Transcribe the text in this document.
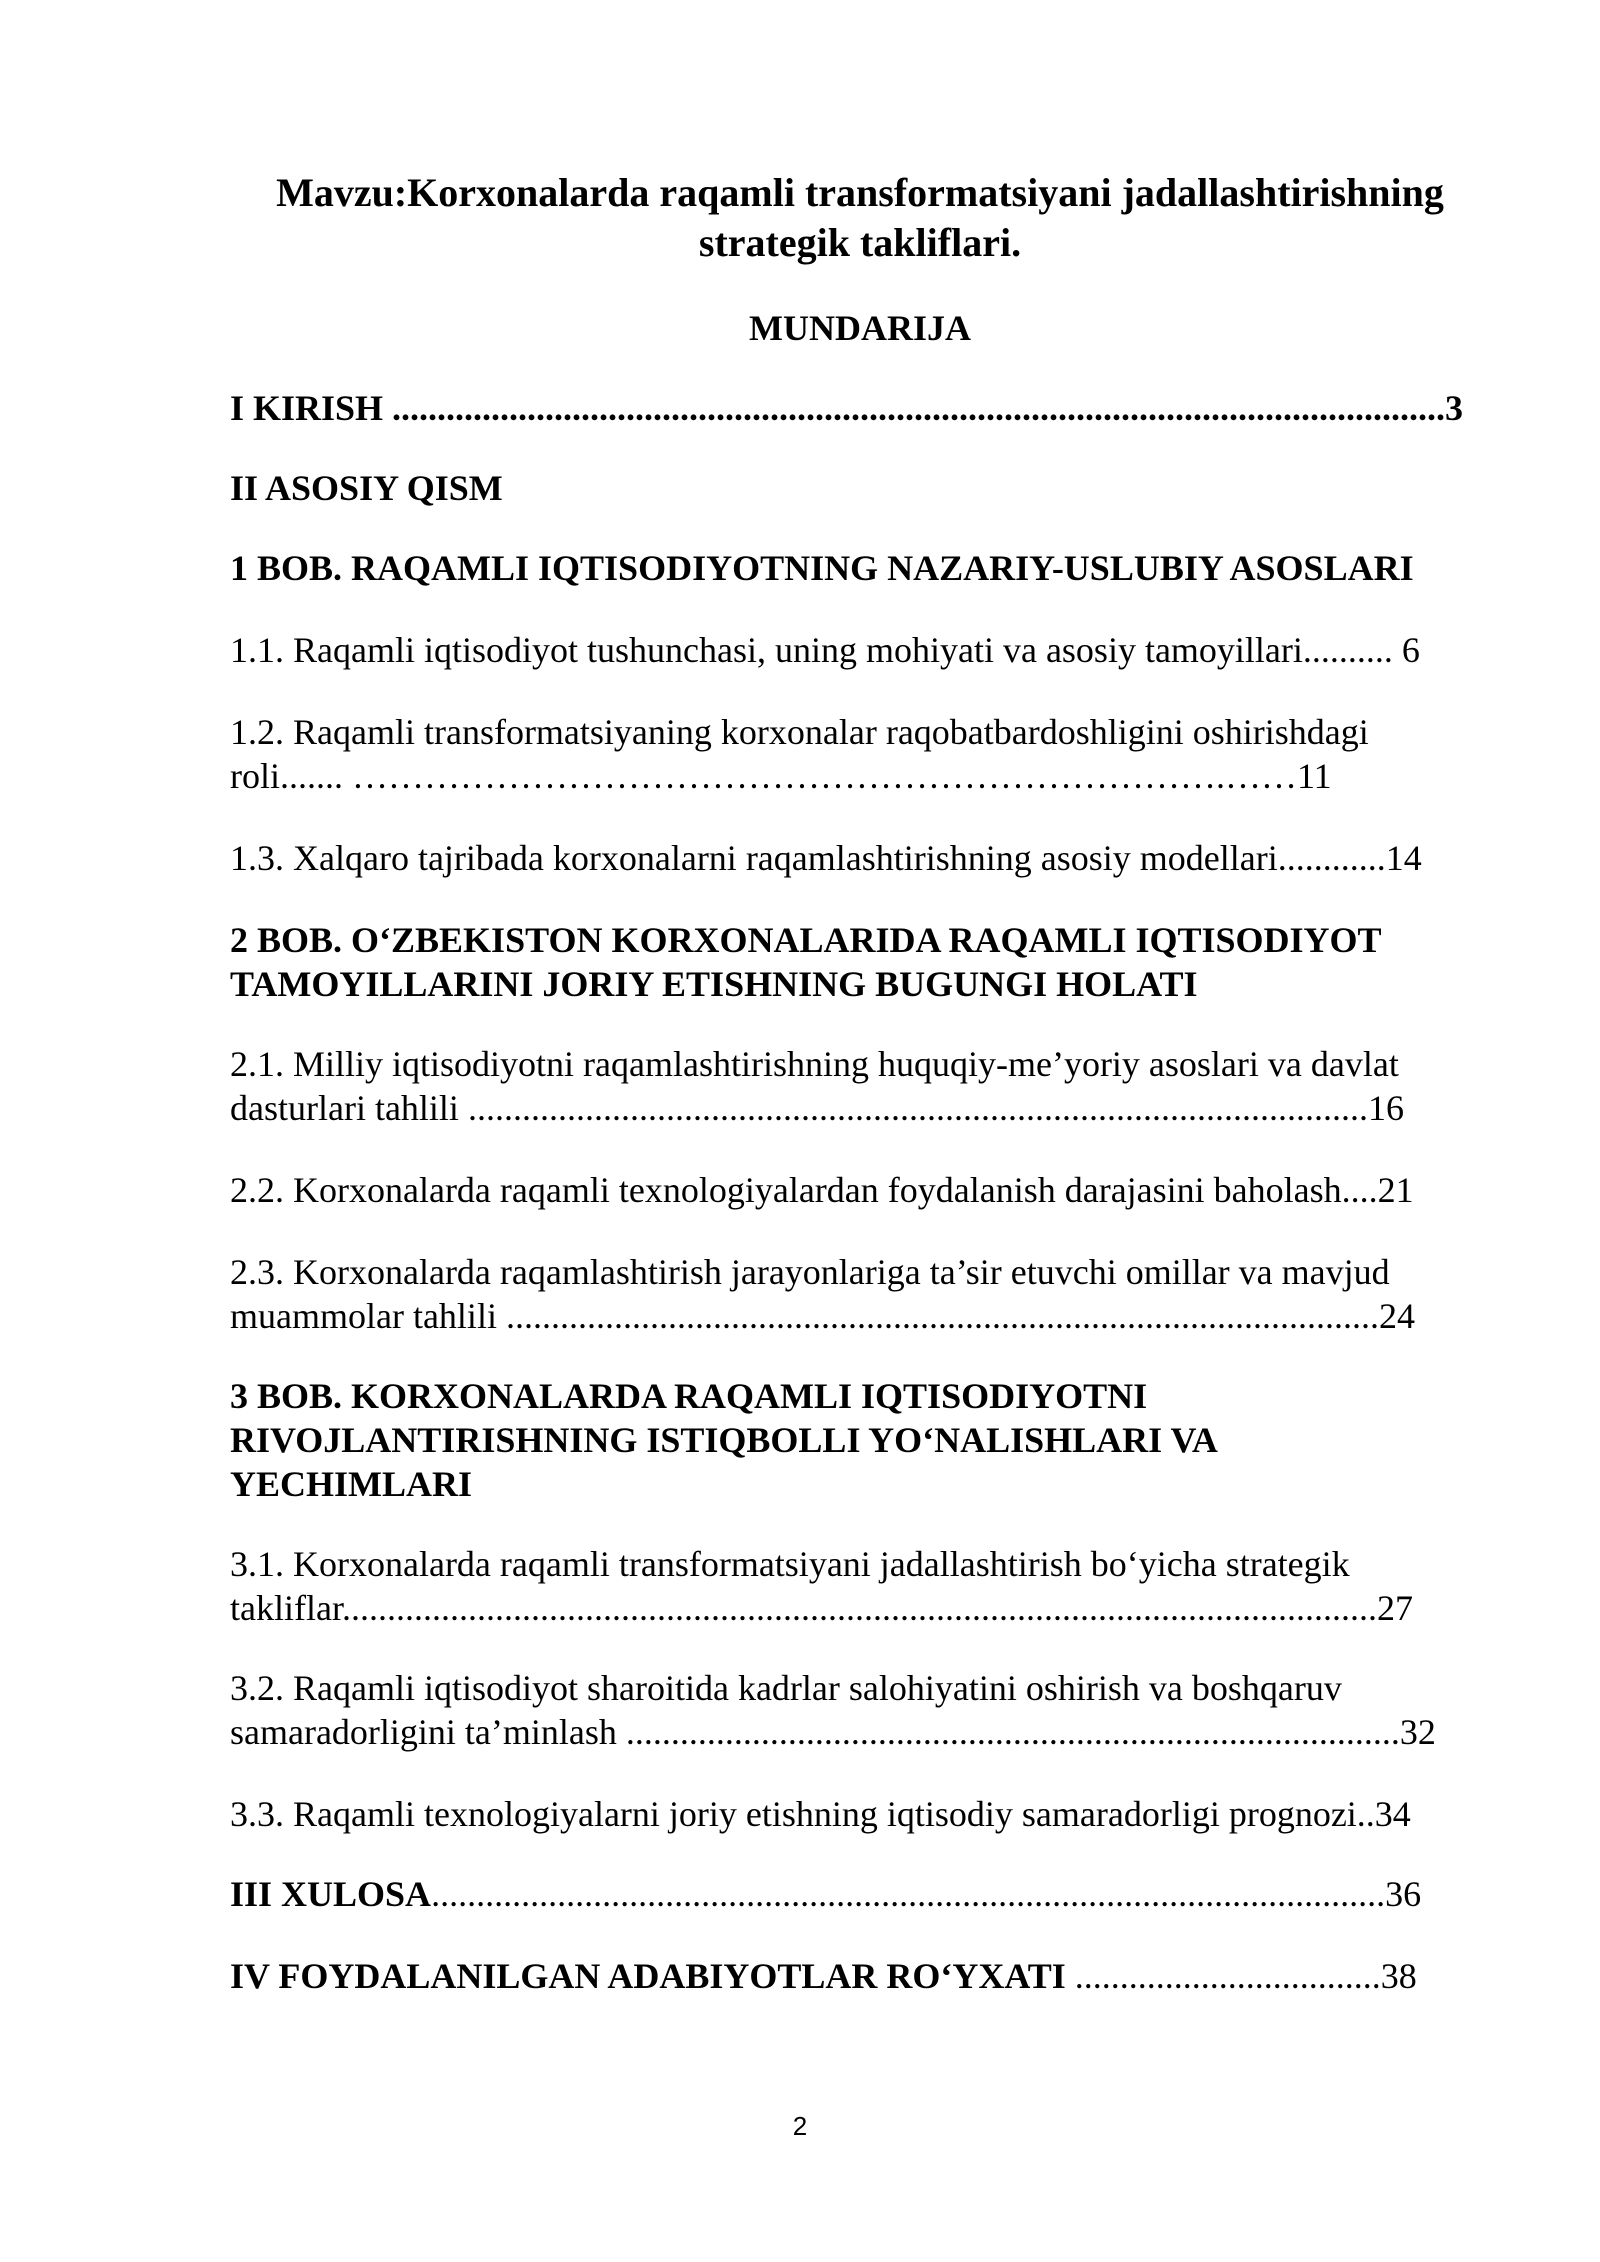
Mavzu:Korxonalarda raqamli transformatsiyani jadallashtirishning
strategik takliflari.
MUNDARIJA
I KIRISH .....................................................................................................................3
II ASOSIY QISM
1 BOB. RAQAMLI IQTISODIYOTNING NAZARIY-USLUBIY ASOSLARI
1.1. Raqamli iqtisodiyot tushunchasi, uning mohiyati va asosiy tamoyillari.......... 6
1.2. Raqamli transformatsiyaning korxonalar raqobatbardoshligini oshirishdagi
roli....... ……………………………………………………………….……11
1.3. Xalqaro tajribada korxonalarni raqamlashtirishning asosiy modellari............14
2 BOB. O‘ZBEKISTON KORXONALARIDA RAQAMLI IQTISODIYOT
TAMOYILLARINI JORIY ETISHNING BUGUNGI HOLATI
2.1. Milliy iqtisodiyotni raqamlashtirishning huquqiy-me’yoriy asoslari va davlat
dasturlari tahlili ....................................................................................................16
2.2. Korxonalarda raqamli texnologiyalardan foydalanish darajasini baholash....21
2.3. Korxonalarda raqamlashtirish jarayonlariga ta’sir etuvchi omillar va mavjud
muammolar tahlili .................................................................................................24
3 BOB. KORXONALARDA RAQAMLI IQTISODIYOTNI
RIVOJLANTIRISHNING ISTIQBOLLI YO‘NALISHLARI VA
YECHIMLARI
3.1. Korxonalarda raqamli transformatsiyani jadallashtirish bo‘yicha strategik
takliflar...................................................................................................................27
3.2. Raqamli iqtisodiyot sharoitida kadrlar salohiyatini oshirish va boshqaruv
samaradorligini ta’minlash ......................................................................................32
3.3. Raqamli texnologiyalarni joriy etishning iqtisodiy samaradorligi prognozi..34
III XULOSA..........................................................................................................36
IV FOYDALANILGAN ADABIYOTLAR RO‘YXATI ..................................38
2
